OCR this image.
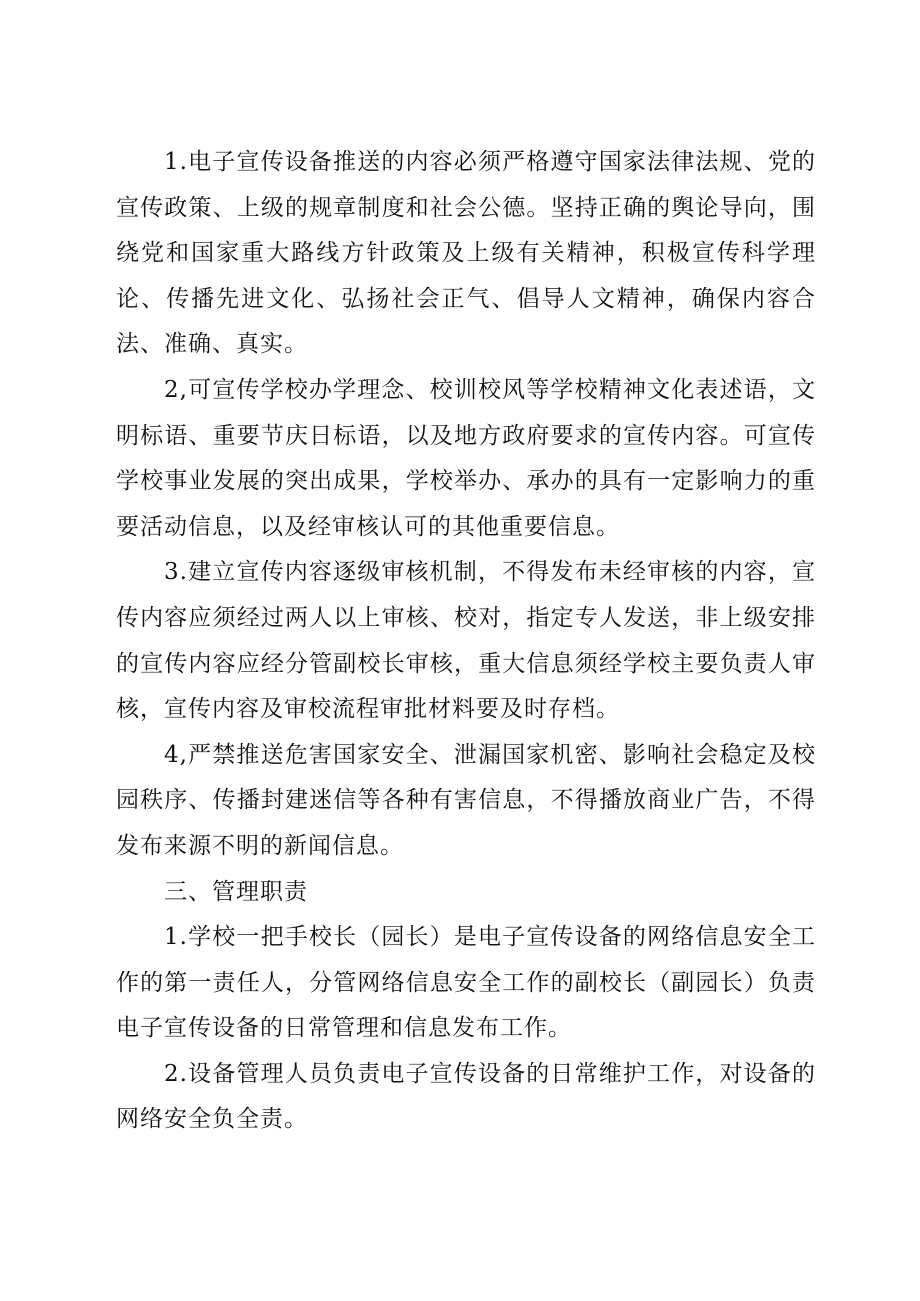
1.电子宣传设备推送的内容必须严格遵守国家法律法规、党的宣传政策、上级的规章制度和社会公德。坚持正确的舆论导向，围绕党和国家重大路线方针政策及上级有关精神，积极宣传科学理论、传播先进文化、弘扬社会正气、倡导人文精神，确保内容合法、准确、真实。

2,可宣传学校办学理念、校训校风等学校精神文化表述语，文明标语、重要节庆日标语，以及地方政府要求的宣传内容。可宣传学校事业发展的突出成果，学校举办、承办的具有一定影响力的重要活动信息，以及经审核认可的其他重要信息。

3.建立宣传内容逐级审核机制，不得发布未经审核的内容，宣传内容应须经过两人以上审核、校对，指定专人发送，非上级安排的宣传内容应经分管副校长审核，重大信息须经学校主要负责人审核，宣传内容及审校流程审批材料要及时存档。

4,严禁推送危害国家安全、泄漏国家机密、影响社会稳定及校园秩序、传播封建迷信等各种有害信息，不得播放商业广告，不得发布来源不明的新闻信息。

三、管理职责

1.学校一把手校长（园长）是电子宣传设备的网络信息安全工作的第一责任人，分管网络信息安全工作的副校长（副园长）负责电子宣传设备的日常管理和信息发布工作。

2.设备管理人员负责电子宣传设备的日常维护工作，对设备的网络安全负全责。
